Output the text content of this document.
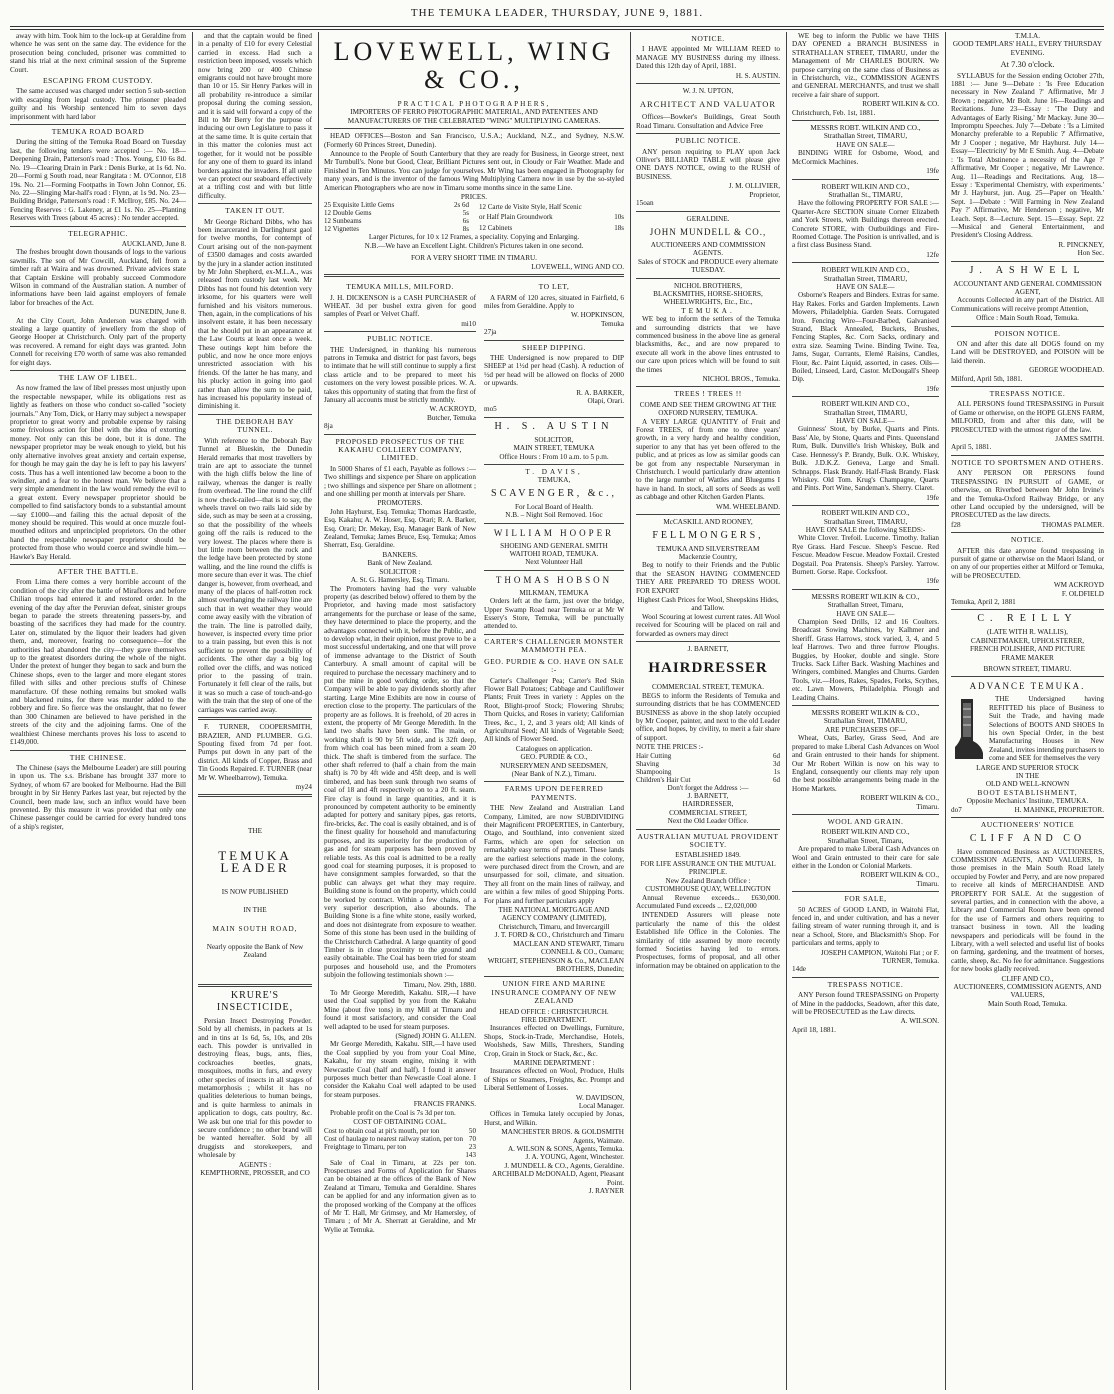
THE TEMUKA LEADER, THURSDAY, JUNE 9, 1881.

away with him. Took him to the lock-up at Geraldine from whence he was sent on the same day. The evidence for the prosecution being concluded, prisoner was committed to stand his trial at the next criminal session of the Supreme Court.

ESCAPING FROM CUSTODY.

The same accused was charged under section 5 sub-section with escaping from legal custody. The prisoner pleaded guilty and his Worship sentenced him to seven days imprisonment with hard labor

TEMUKA ROAD BOARD

During the sitting of the Temuka Road Board on Tuesday last, the following tenders were accepted :— No. 18—Deepening Drain, Patterson's road : Thos. Young, £10 6s 8d. No. 19—Clearing Drain in Park : Denis Burke, at 1s 6d. No. 20—Formi g South road, near Rangitata : M. O'Connor, £18 19s. No. 21—Forming Footpaths in Town John Connor, £6. No. 22—Slinging Mar-hall's road : Flynn, at 1s 9d. No. 23—Building Bridge, Patterson's road : F. McIlroy, £85. No. 24—Fencing Reserves : G. Lakeney, at £1 1s. No. 25—Planting Reserves with Trees (about 45 acres) : No tender accepted.

TELEGRAPHIC.
AUCKLAND, June 8.

The freshes brought down thousands of logs to the various sawmills. The son of Mr Cowcill, Auckland, fell from a timber raft at Waira and was drowned. Private advices state that Captain Erskine will probably succeed Commodore Wilson in command of the Australian station. A number of informations have been laid against employers of female labor for breaches of the Act.

DUNEDIN, June 8.

At the City Court, John Anderson was charged with stealing a large quantity of jewellery from the shop of George Hooper at Christchurch. Only part of the property was recovered. A remand for eight days was granted. John Connell for receiving £70 worth of same was also remanded for eight days.

THE LAW OF LIBEL.

As now framed the law of libel presses most unjustly upon the respectable newspaper, while its obligations rest as lightly as feathers on those who conduct so-called "society journals." Any Tom, Dick, or Harry may subject a newspaper proprietor to great worry and probable expense by raising some frivolous action for libel with the idea of extorting money. Not only can this be done, but it is done. The newspaper proprietor may be weak enough to yield, but his only alternative involves great anxiety and certain expense, for though he may gain the day he is left to pay his lawyers' costs. Thus has a well intentioned law become a boon to the swindler, and a fear to the honest man. We believe that a very simple amendment in the law would remedy the evil to a great extent. Every newspaper proprietor should be compelled to find satisfactory bonds to a substantial amount —say £1000—and failing this the actual deposit of the money should be required. This would at once muzzle foul-mouthed editors and unprincipled proprietors. On the other hand the respectable newspaper proprietor should be protected from those who would coerce and swindle him.—Hawke's Bay Herald.

AFTER THE BATTLE.

From Lima there comes a very horrible account of the condition of the city after the battle of Miraflores and before Chilian troops had entered it and restored order. In the evening of the day after the Peruvian defeat, sinister groups began to parade the streets threatening passers-by, and boasting of the sacrifices they had made for the country. Later on, stimulated by the liquor their leaders had given them, and, moreover, fearing no consequence—for the authorities had abandoned the city—they gave themselves up to the greatest disorders during the whole of the night. Under the pretext of hunger they began to sack and burn the Chinese shops, even to the larger and more elegant stores filled with silks and other precious stuffs of Chinese manufacture. Of these nothing remains but smoked walls and blackened ruins, for there was murder added to the robbery and fire. So fierce was the onslaught, that no fewer than 300 Chinamen are believed to have perished in the streets of the city and the adjoining farms. One of the wealthiest Chinese merchants proves his loss to ascend to £149,000.

THE CHINESE.

The Chinese (says the Melbourne Leader) are still pouring in upon us. The s.s. Brisbane has brought 337 more to Sydney, of whom 67 are booked for Melbourne. Had the Bill brought in by Sir Henry Parkes last year, but rejected by the Council, been made law, such an influx would have been prevented. By this measure it was provided that only one Chinese passenger could be carried for every hundred tons of a ship's register,

and that the captain would be fined in a penalty of £10 for every Celestial carried in excess. Had such a restriction been imposed, vessels which now bring 200 or 400 Chinese emigrants could not have brought more than 10 or 15. Sir Henry Parkes will in all probability re-introduce a similar proposal during the coming session, and it is said will forward a copy of the Bill to Mr Berry for the purpose of inducing our own Legislature to pass it at the same time. It is quite certain that in this matter the colonies must act together, for it would not be possible for any one of them to guard its inland borders against the invaders. If all unite we can protect our seaboard effectively at a trifling cost and with but little difficulty.

TAKEN IT OUT.

Mr George Richard Dibbs, who has been incarcerated in Darlinghurst gaol for twelve months, for contempt of Court arising out of the non-payment of £3500 damages and costs awarded by the jury in a slander action instituted by Mr John Shepherd, ex-M.L.A., was released from custody last week. Mr Dibbs has not found his detention very irksome, for his quarters were well furnished and his visitors numerous. Then, again, in the complications of his insolvent estate, it has been necessary that he should put in an appearance at the Law Courts at least once a week. These outings kept him before the public, and now he once more enjoys unrestricted association with his friends. Of the latter he has many, and his plucky action in going into gaol rather than allow the sum to be paid, has increased his popularity instead of diminishing it.

THE DEBORAH BAY TUNNEL.

With reference to the Deborah Bay Tunnel at Blueskin, the Dunedin Herald remarks that most travellers by train are apt to associate the tunnel with the high cliffs below the line of railway, whereas the danger is really from overhead. The line round the cliff is now check-railed—that is to say, the wheels travel on two rails laid side by side, such as may be seen at a crossing, so that the possibility of the wheels going off the rails is reduced to the very lowest. The places where there is but little room between the rock and the ledge have been protected by stone walling, and the line round the cliffs is more secure than ever it was. The chief danger is, however, from overhead, and many of the places of half-rotten rock almost overhanging the railway line are such that in wet weather they would come away easily with the vibration of the train. The line is patrolled daily, however, is inspected every time prior to a train passing, but even this is not sufficient to prevent the possibility of accidents. The other day a big log rolled over the cliffs, and was noticed prior to the passing of train. Fortunately it fell clear of the rails, but it was so much a case of touch-and-go with the train that the step of one of the carriages was carried away.

F. TURNER, COOPERSMITH, BRAZIER, AND PLUMBER. G.G. Spouting fixed from 7d per foot. Pumps put down in any part of the district. All kinds of Copper, Brass and Tin Goods Repaired. F. TURNER (near Mr W. Wheelbarrow), Temuka.

my24
THE
TEMUKA LEADER
IS NOW PUBLISHED
IN THE
MAIN SOUTH ROAD,
Nearly opposite the Bank of New Zealand
KRURE'S INSECTICIDE,

Persian Insect Destroying Powder. Sold by all chemists, in packets at 1s and in tins at 1s 6d, 5s, 10s, and 20s each. This powder is unrivalled in destroying fleas, bugs, ants, flies, cockroaches beetles, gnats, mosquitoes, moths in furs, and every other species of insects in all stages of metamorphosis ; whilst it has no qualities deleterious to human beings, and is quite harmless to animals in application to dogs, cats poultry, &c. We ask but one trial for this powder to secure confidence ; no other brand will be wanted hereafter. Sold by all druggists and storekeepers, and wholesale by

AGENTS :
KEMPTHORNE, PROSSER, and CO
LOVEWELL, WING & CO.,
PRACTICAL PHOTOGRAPHERS,
IMPORTERS OF FERRO PHOTOGRAPHIC MATERIAL, AND PATENTEES AND MANUFACTURERS OF THE CELEBRATED "WING" MULTIPLYING CAMERAS.

HEAD OFFICES—Boston and San Francisco, U.S.A.; Auckland, N.Z., and Sydney, N.S.W. (Formerly 60 Princes Street, Dunedin).

Announce to the People of South Canterbury that they are ready for Business, in George street, next Mr Turnbull's. None but Good, Clear, Brilliant Pictures sent out, in Cloudy or Fair Weather. Made and Finished in Ten Minutes. You can judge for yourselves. Mr Wing has been engaged in Photography for many years, and is the inventor of the famous Wing Multiplying Camera now in use by the so-styled American Photographers who are now in Timaru some months since in the same Line.

PRICES.
25 Exquisite Little Gems	2s 6d
12 Double Gems	5s
12 Sunbeams	6s
12 Vignettes	8s
12 Carte de Visite Style, Half Scenic	
or Half Plain Groundwork	10s
12 Cabinets	18s

Larger Pictures, for 10 x 12 Frames, a speciality. Copying and Enlarging.
N.B.—We have an Excellent Light. Children's Pictures taken in one second.
FOR A VERY SHORT TIME IN TIMARU.
LOVEWELL, WING AND CO.
TEMUKA MILLS, MILFORD.

J. H. DICKENSON is a CASH PURCHASER of WHEAT. 3d per bushel extra given for good samples of Pearl or Velvet Chaff.

mi10
PUBLIC NOTICE.

THE Undersigned, in thanking his numerous patrons in Temuka and district for past favors, begs to intimate that he will still continue to supply a first class article and to be prepared to meet his customers on the very lowest possible prices. W. A. takes this opportunity of stating that from the first of January all accounts must be strictly monthly.

W. ACKROYD,
Butcher, Temuka
8ja
PROPOSED PROSPECTUS OF THE KAKAHU COLLIERY COMPANY, LIMITED.

In 5000 Shares of £1 each, Payable as follows :—Two shillings and sixpence per Share on application ; two shillings and sixpence per Share on allotment ; and one shilling per month at intervals per Share.

PROMOTERS.

John Hayhurst, Esq. Temuka; Thomas Hardcastle, Esq. Kakahu; A. W. Hoser, Esq. Orari; R. A. Barker, Esq. Orari; Dr. Mekay, Esq. Manager Bank of New Zealand, Temuka; James Bruce, Esq. Temuka; Amos Sherratt, Esq. Geraldine.

BANKERS.
Bank of New Zealand.
SOLICITOR :
A. St. G. Hamersley, Esq. Timaru.

The Promoters having had the very valuable property (as described below) offered to them by the Proprietor, and having made most satisfactory arrangements for the purchase or lease of the same, they have determined to place the property, and the advantages connected with it, before the Public, and to develop what, in their opinion, must prove to be a most successful undertaking, and one that will prove of immense advantage to the District of South Canterbury. A small amount of capital will be required to purchase the necessary machinery and to put the mine in good working order, so that the Company will be able to pay dividends shortly after starting. Large Mine Exhibits are now in course of erection close to the property. The particulars of the property are as follows. It is freehold, of 20 acres in extent, the property of Mr George Meredith. In the land two shafts have been sunk. The main, or working shaft is 90 by 5ft wide, and is 32ft deep, from which coal has been mined from a seam 20 thick. The shaft is timbered from the surface. The other shaft referred to (half a chain from the main shaft) is 70 by 4ft wide and 45ft deep, and is well timbered, and has been sunk through two seams of coal of 18 and 4ft respectively on to a 20 ft. seam. Fire clay is found in large quantities, and it is pronounced by competent authority to be eminently adapted for pottery and sanitary pipes, gas retorts, fire-bricks, &c. The coal is easily obtained, and is of the finest quality for household and manufacturing purposes, and its superiority for the production of gas and for steam purposes has been proved by reliable tests. As this coal is admitted to be a really good coal for steaming purposes, it is proposed to have consignment samples forwarded, so that the public can always get what they may require. Building stone is found on the property, which could be worked by contract. Within a few chains, of a very superior description, also abounds. The Building Stone is a fine white stone, easily worked, and does not disintegrate from exposure to weather. Some of this stone has been used in the building of the Christchurch Cathedral. A large quantity of good Timber is in close proximity to the ground and easily obtainable. The Coal has been tried for steam purposes and household use, and the Promoters subjoin the following testimonials shown :—

Timaru, Nov. 29th, 1880.

To Mr George Meredith, Kakahu. SIR,—I have used the Coal supplied by you from the Kakahu Mine (about five tons) in my Mill at Timaru and found it most satisfactory, and consider the Coal well adapted to be used for steam purposes.

(Signed) JOHN G. ALLEN.

Mr George Meredith, Kakahu. SIR,—I have used the Coal supplied by you from your Coal Mine, Kakahu, for my steam engine, mixing it with Newcastle Coal (half and half). I found it answer purposes much better than Newcastle Coal alone. I consider the Kakahu Coal well adapted to be used for steam purposes.

FRANCIS FRANKS.

Probable profit on the Coal is 7s 3d per ton.

COST OF OBTAINING COAL.
Cost to obtain coal at pit's mouth, per ton	5	0
Cost of haulage to nearest railway station, per ton	7	0
Freightage to Timaru, per ton	2	3
	14	3

Sale of Coal in Timaru, at 22s per ton. Prospectuses and Forms of Application for Shares can be obtained at the offices of the Bank of New Zealand at Timaru, Temuka and Geraldine. Shares can be applied for and any information given as to the proposed working of the Company at the offices of Mr T. Hall, Mr Grimsey, and Mr Hamersley, of Timaru ; of Mr A. Sherratt at Geraldine, and Mr Wylie at Temuka.

TO LET,

A FARM of 120 acres, situated in Fairfield, 6 miles from Geraldine. Apply to

W. HOPKINSON,
Temuka
27ja
SHEEP DIPPING.

THE Undersigned is now prepared to DIP SHEEP at 1½d per head (Cash). A reduction of ½d per head will be allowed on flocks of 2000 or upwards.

R. A. BARKER,
Olapi, Orari.
mo5
H. S. AUSTIN
SOLICITOR,
MAIN STREET, TEMUKA
Office Hours : From 10 a.m. to 5 p.m.
T. DAVIS,
TEMUKA,
SCAVENGER, &c.,
For Local Board of Health.
N.B. – Night Soil Removed. 16oc
WILLIAM HOOPER
SHOEING AND GENERAL SMITH
WAITOHI ROAD, TEMUKA.
Next Volunteer Hall
THOMAS HOBSON
MILKMAN, TEMUKA

Orders left at the farm, just over the bridge, Upper Swamp Road near Temuka or at Mr W Essery's Store, Temuka, will be punctually attended to.

CARTER'S CHALLENGER MONSTER MAMMOTH PEA.
GEO. PURDIE & CO. HAVE ON SALE :-

Carter's Challenger Pea; Carter's Red Skin Flower Ball Potatoes; Cabbage and Cauliflower Plants; Fruit Trees in variety : Apples on the Root, Blight-proof Stock; Flowering Shrubs; Thorn Quicks, and Roses in variety; Californian Trees, &c., 1, 2, and 3 years old; All kinds of Agricultural Seed; All kinds of Vegetable Seed; All kinds of Flower Seed.

Catalogues on application.
GEO. PURDIE & CO.,
NURSERYMEN AND SEEDSMEN,
(Near Bank of N.Z.), Timaru.
FARMS UPON DEFERRED PAYMENTS.

THE New Zealand and Australian Land Company, Limited, are now SUBDIVIDING their Magnificent PROPERTIES, in Canterbury, Otago, and Southland, into convenient sized Farms, which are open for selection on remarkably easy terms of payment. These lands are the earliest selections made in the colony, were purchased direct from the Crown, and are unsurpassed for soil, climate, and situation. They all front on the main lines of railway, and are within a few miles of good Shipping Ports. For plans and further particulars apply

THE NATIONAL MORTGAGE AND AGENCY COMPANY (LIMITED),
Christchurch, Timaru, and Invercargill
J. T. FORD & CO., Christchurch and Timaru
MACLEAN AND STEWART, Timaru
CONNELL & CO., Oamaru;
WRIGHT, STEPHENSON & Co., MACLEAN BROTHERS, Dunedin;
UNION FIRE AND MARINE INSURANCE COMPANY OF NEW ZEALAND
HEAD OFFICE : CHRISTCHURCH.
FIRE DEPARTMENT.

Insurances effected on Dwellings, Furniture, Shops, Stock-in-Trade, Merchandise, Hotels, Woolsheds, Saw Mills, Threshers, Standing Crop, Grain in Stock or Stack, &c., &c.

MARINE DEPARTMENT :

Insurances effected on Wool, Produce, Hulls of Ships or Steamers, Freights, &c. Prompt and Liberal Settlement of Losses.

W. DAVIDSON,
Local Manager.

Offices in Temuka lately occupied by Jonas, Hurst, and Wilkin.

MANCHESTER BROS. & GOLDSMITH Agents, Waimate.
A. WILSON & SONS, Agents, Temuka.
J. A. YOUNG, Agent, Winchester.
J. MUNDELL & CO., Agents, Geraldine.
ARCHIBALD McDONALD, Agent, Pleasant Point.
J. RAYNER
NOTICE.

I HAVE appointed Mr WILLIAM REED to MANAGE MY BUSINESS during my illness. Dated this 12th day of April, 1881.

H. S. AUSTIN.
W. J. N. UPTON,
ARCHITECT AND VALUATOR

Offices—Bowker's Buildings, Great South Road Timaru. Consultation and Advice Free

PUBLIC NOTICE.

ANY person requiring to PLAY upon Jack Olliver's BILLIARD TABLE will please give ONE DAYS NOTICE, owing to the RUSH of BUSINESS.

J. M. OLLIVIER,
Proprietor,
15oan
GERALDINE.
JOHN MUNDELL & CO.,
AUCTIONEERS AND COMMISSION AGENTS.
Sales of STOCK and PRODUCE every alternate TUESDAY.
NICHOL BROTHERS,
BLACKSMITHS, HORSE-SHOERS, WHEELWRIGHTS, Etc., Etc.,
TEMUKA.

WE beg to inform the settlers of the Temuka and surrounding districts that we have commenced business in the above line as general blacksmiths, &c., and are now prepared to execute all work in the above lines entrusted to our care upon prices which will be found to suit the times

NICHOL BROS., Temuka.
TREES ! TREES !!
COME AND SEE THEM GROWING AT THE OXFORD NURSERY, TEMUKA.

A VERY LARGE QUANTITY of Fruit and Forest TREES, of from one to three years' growth, in a very hardy and healthy condition, superior to any that has yet been offered to the public, and at prices as low as similar goods can be got from any respectable Nurseryman in Christchurch. I would particularly draw attention to the large number of Wattles and Bluegums I have in hand. In stock, all sorts of Seeds as well as cabbage and other Kitchen Garden Plants.

WM. WHEELBAND.
McCASKILL AND ROONEY,
FELLMONGERS,
TEMUKA AND SILVERSTREAM
Mackenzie Country,

Beg to notify to their Friends and the Public that the SEASON HAVING COMMENCED THEY ARE PREPARED TO DRESS WOOL FOR EXPORT

Highest Cash Prices for Wool, Sheepskins Hides, and Tallow.

Wool Scouring at lowest current rates. All Wool received for Scouring will be placed on rail and forwarded as owners may direct

J. BARNETT,
HAIRDRESSER
COMMERCIAL STREET, TEMUKA.

BEGS to inform the Residents of Temuka and surrounding districts that he has COMMENCED BUSINESS as above in the shop lately occupied by Mr Cooper, painter, and next to the old Leader office, and hopes, by civility, to merit a fair share of support.

NOTE THE PRICES :-
Hair Cutting	6d
Shaving	3d
Shampooing	1s
Children's Hair Cut	6d
Don't forget the Address :—
J. BARNETT,
HAIRDRESSER,
COMMERCIAL STREET,
Next the Old Leader Office.
AUSTRALIAN MUTUAL PROVIDENT SOCIETY.
ESTABLISHED 1849.
FOR LIFE ASSURANCE ON THE MUTUAL PRINCIPLE.
New Zealand Branch Office :
CUSTOMHOUSE QUAY, WELLINGTON

Annual Revenue exceeds... £630,000. Accumulated Fund exceeds ... £2,020,000

INTENDED Assurers will please note particularly the name of this the oldest Established life Office in the Colonies. The similarity of title assumed by more recently formed Societies having led to errors. Prospectuses, forms of proposal, and all other information may be obtained on application to the

WE beg to inform the Public we have THIS DAY OPENED a BRANCH BUSINESS in STRATHALLAN STREET, TIMARU, under the Management of Mr CHARLES BOURN. We purpose carrying on the same class of Business as in Christchurch, viz., COMMISSION AGENTS and GENERAL MERCHANTS, and trust we shall receive a fair share of support.

ROBERT WILKIN & CO.
Christchurch, Feb. 1st, 1881.
MESSRS ROBT. WILKIN AND CO.,
Strathallan Street, TIMARU,
HAVE ON SALE—

BINDING WIRE for Osborne, Wood, and McCormick Machines.

19fe
ROBERT WILKIN AND CO.,
Strathallan St., TIMARU,

Have the following PROPERTY FOR SALE :— Quarter-Acre SECTION situate Corner Elizabeth and York Streets, with Buildings thereon erected. Concrete STORE, with Outbuildings and Fire-Roomed Cottage. The Position is unrivalled, and is a first class Business Stand.

12fe
ROBERT WILKIN AND CO.,
Strathallan Street, TIMARU,
HAVE ON SALE—

Osborne's Reapers and Binders. Extras for same. Hay Rakes. Forks and Garden Implements. Lawn Mowers, Philadelphia. Garden Seats. Corrugated Iron. Fencing Wire—Four-Barbed, Galvanised Strand, Black Annealed, Buckets, Brushes, Fencing Staples, &c. Corn Sacks, ordinary and extra size. Seaming Twine. Binding Twine. Tea, Jams, Sugar, Currants, Elemé Raisins, Candles, Flour, &c. Paint Liquid, assorted, in cases. Oils—Boiled, Linseed, Lard, Castor. McDougall's Sheep Dip.

19fe
ROBERT WILKIN AND CO.,
Strathallan Street, TIMARU,
HAVE ON SALE—

Guinness' Stout, by Burke, Quarts and Pints. Bass' Ale, by Stone, Quarts and Pints. Queensland Rum, Bulk. Dunville's Irish Whiskey, Bulk and Case. Hennessy's P. Brandy, Bulk. O.K. Whiskey, Bulk. J.D.K.Z. Geneva, Large and Small. Schnapps. Flask Brandy. Half-Flask Brandy. Flask Whiskey. Old Tom. Krug's Champagne, Quarts and Pints. Port Wine, Sandeman's. Sherry. Claret.

19fe
ROBERT WILKIN AND CO.,
Strathallan Street, TIMARU,
HAVE ON SALE the following SEEDS:-

White Clover. Trefoil. Lucerne. Timothy. Italian Rye Grass. Hard Fescue. Sheep's Fescue. Red Fescue. Meadow Fescue. Meadow Foxtail. Crested Dogstail. Poa Pratensis. Sheep's Parsley. Yarrow. Burnett. Gorse. Rape. Cocksfoot.

19fe
MESSRS ROBERT WILKIN & CO.,
Strathallan Street, Timaru,
HAVE ON SALE—

Champion Seed Drills, 12 and 16 Coulters. Broadcast Sowing Machines, by Kalhmer and Sheriff. Grass Harrows, stock varied, 3, 4, and 5 leaf Harrows. Two and three furrow Ploughs. Buggies, by Hooker, double and single. Store Trucks. Sack Lifter Back. Washing Machines and Wringers, combined. Mangles and Churns. Garden Tools, viz.—Hoes, Rakes, Spades, Forks, Scythes, etc. Lawn Mowers, Philadelphia. Plough and Leading Chains.

MESSRS ROBERT WILKIN & CO.,
Strathallan Street, TIMARU,
ARE PURCHASERS OF—

Wheat, Oats, Barley, Grass Seed, And are prepared to make Liberal Cash Advances on Wool and Grain entrusted to their hands for shipment. Our Mr Robert Wilkin is now on his way to England, consequently our clients may rely upon the best possible arrangements being made in the Home Markets.

ROBERT WILKIN & CO.,
Timaru.
WOOL AND GRAIN.
ROBERT WILKIN AND CO.,
Strathallan Street, Timaru,

Are prepared to make Liberal Cash Advances on Wool and Grain entrusted to their care for sale either in the London or Colonial Markets.

ROBERT WILKIN & CO.,
Timaru.
FOR SALE,

50 ACRES of GOOD LAND, in Waitohi Flat, fenced in, and under cultivation, and has a never failing stream of water running through it, and is near a School, Store, and Blacksmith's Shop. For particulars and terms, apply to

JOSEPH CAMPION, Waitohi Flat ; or F. TURNER, Temuka.
14de
TRESPASS NOTICE.

ANY Person found TRESPASSING on Property of Mine in the paddocks, Seadown, after this date, will be PROSECUTED as the Law directs.

A. WILSON.
April 18, 1881.
T.M.I.A.
GOOD TEMPLARS' HALL, EVERY THURSDAY EVENING.
At 7.30 o'clock.

SYLLABUS for the Session ending October 27th, 1881 :— June 9—Debate : 'Is Free Education necessary in New Zealand ?' Affirmative, Mr J Brown ; negative, Mr Bolt. June 16—Readings and Recitations. June 23—Essay : 'The Duty and Advantages of Early Rising.' Mr Mackay. June 30—Impromptu Speeches. July 7—Debate : 'Is a Limited Monarchy preferable to a Republic ?' Affirmative, Mr J Cooper ; negative, Mr Hayhurst. July 14—Essay—'Electricity' by Mr E Smith. Aug. 4—Debate : 'Is Total Abstinence a necessity of the Age ?' Affirmative, Mr Cooper ; negative, Mr Lawrence. Aug. 11—Readings and Recitations. Aug. 18—Essay : 'Experimental Chemistry, with experiments.' Mr J. Hayhurst, jun. Aug. 25—Paper on 'Health.' Sept. 1—Debate : 'Will Farming in New Zealand Pay ?' Affirmative, Mr Henderson ; negative, Mr Leach. Sept. 8—Lecture. Sept. 15—Essay. Sept. 22—Musical and General Entertainment, and President's Closing Address.

R. PINCKNEY,
Hon Sec.
J. ASHWELL
ACCOUNTANT AND GENERAL COMMISSION AGENT,

Accounts Collected in any part of the District. All Communications will receive prompt Attention,

Office : Main South Road, Temuka.
POISON NOTICE.

ON and after this date all DOGS found on my Land will be DESTROYED, and POISON will be laid therein.

GEORGE WOODHEAD.
Milford, April 5th, 1881.
TRESPASS NOTICE.

ALL PERSONS found TRESPASSING in Pursuit of Game or otherwise, on the HOPE GLENS FARM, MILFORD, from and after this date, will be PROSECUTED with the utmost rigor of the law.

JAMES SMITH.
April 5, 1881.
NOTICE TO SPORTSMEN AND OTHERS.

ANY PERSON OR PERSONS found TRESPASSING IN PURSUIT of GAME, or otherwise, on Riverbed between Mr John Irvine's and the Temuka-Oxford Railway Bridge, or any other Land occupied by the undersigned, will be PROSECUTED as the law directs.

f28	THOMAS PALMER.
NOTICE.

AFTER this date anyone found trespassing in pursuit of game or otherwise on the Maori Island, or on any of our properties either at Milford or Temuka, will be PROSECUTED.

WM ACKROYD
F. OLDFIELD
Temuka, April 2, 1881
C. REILLY
(LATE WITH R. WALLIS),
CABINETMAKER, UPHOLSTERER,
FRENCH POLISHER, AND PICTURE
FRAME MAKER
BROWN STREET, TIMARU.
ADVANCE TEMUKA.

THE Undersigned having REFITTED his place of Business to Suit the Trade, and having made Selections of BOOTS AND SHOES In his own Special Order, in the best Manufacturing Houses in New Zealand, invites intending purchasers to come and SEE for themselves the very

LARGE AND SUPERIOR STOCK
IN THE
OLD AND WELL-KNOWN
BOOT ESTABLISHMENT,
Opposite Mechanics' Institute, TEMUKA.
do7	H. MAHNKE, PROPRIETOR.
AUCTIONEERS' NOTICE
CLIFF AND CO

Have commenced Business as AUCTIONEERS, COMMISSION AGENTS, AND VALUERS, In those premises in the Main South Road lately occupied by Fowler and Perry, and are now prepared to receive all kinds of MERCHANDISE AND PROPERTY FOR SALE. At the suggestion of several parties, and in connection with the above, a Library and Commercial Room have been opened for the use of Farmers and others requiring to transact business in town. All the leading newspapers and periodicals will be found in the Library, with a well selected and useful list of books on farming, gardening, and the treatment of horses, cattle, sheep, &c. No fee for admittance. Suggestions for new books gladly received.

CLIFF AND CO.,
AUCTIONEERS, COMMISSION AGENTS, AND VALUERS,
Main South Road, Temuka.
